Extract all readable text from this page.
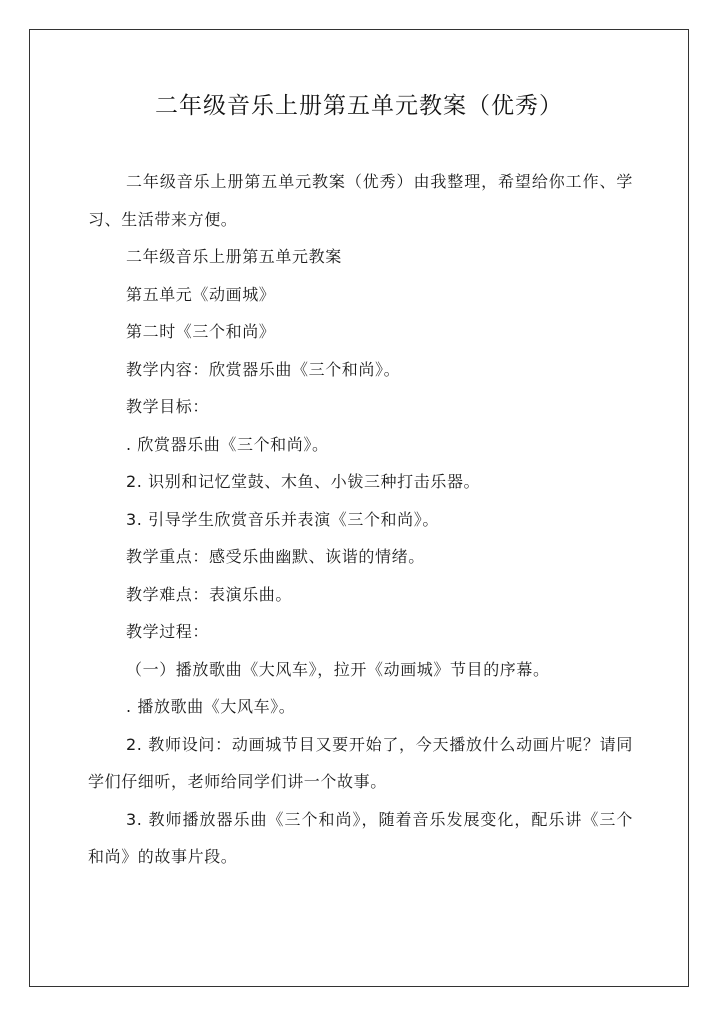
二年级音乐上册第五单元教案（优秀）

二年级音乐上册第五单元教案（优秀）由我整理，希望给你工作、学习、生活带来方便。

二年级音乐上册第五单元教案

第五单元《动画城》

第二时《三个和尚》

教学内容：欣赏器乐曲《三个和尚》。

教学目标：

. 欣赏器乐曲《三个和尚》。

2. 识别和记忆堂鼓、木鱼、小钹三种打击乐器。

3. 引导学生欣赏音乐并表演《三个和尚》。

教学重点：感受乐曲幽默、诙谐的情绪。

教学难点：表演乐曲。

教学过程：

（一）播放歌曲《大风车》，拉开《动画城》节目的序幕。

. 播放歌曲《大风车》。

2. 教师设问：动画城节目又要开始了，今天播放什么动画片呢？请同学们仔细听，老师给同学们讲一个故事。

3. 教师播放器乐曲《三个和尚》，随着音乐发展变化，配乐讲《三个和尚》的故事片段。
